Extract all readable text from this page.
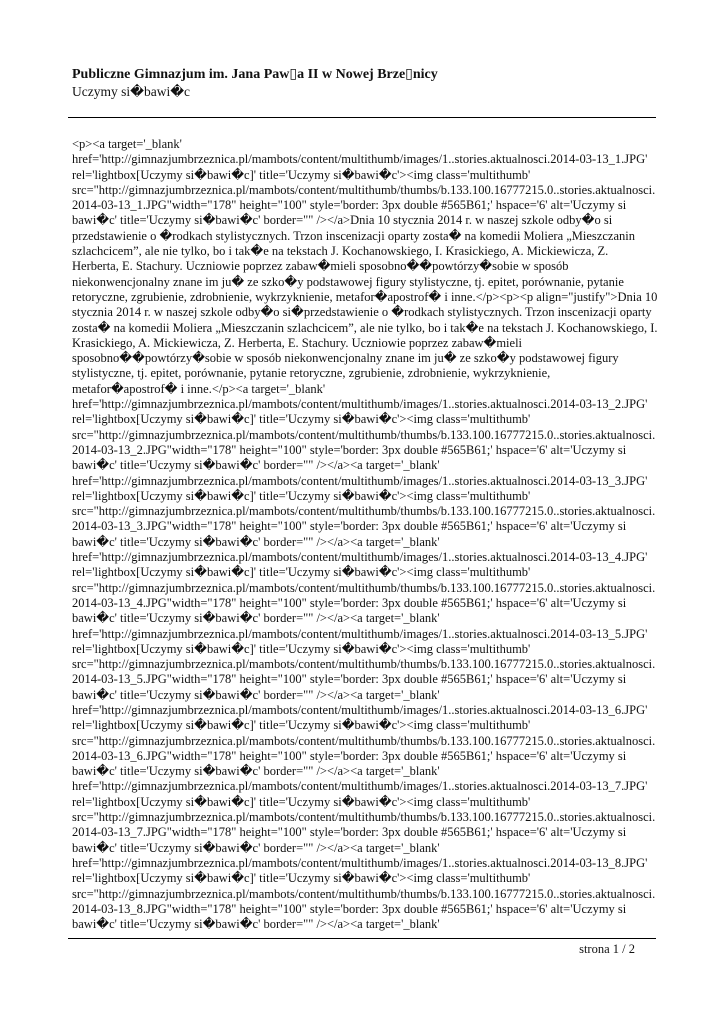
Publiczne Gimnazjum im. Jana Paw▯a II w Nowej Brze▯nicy

Uczymy si�bawi�c

<p><a target='_blank' href='http://gimnazjumbrzeznica.pl/mambots/content/multithumb/images/1..stories.aktualnosci.2014-03-13_1.JPG' rel='lightbox[Uczymy si�bawi�c]' title='Uczymy si�bawi�c'><img class='multithumb' src="http://gimnazjumbrzeznica.pl/mambots/content/multithumb/thumbs/b.133.100.16777215.0..stories.aktualnosci.2014-03-13_1.JPG"width="178" height="100" style='border: 3px double #565B61;' hspace='6' alt='Uczymy si bawi�c' title='Uczymy si�bawi�c' border="" /></a>Dnia 10 stycznia 2014 r. w naszej szkole odby�o si przedstawienie o �rodkach stylistycznych. Trzon inscenizacji oparty zosta� na komedii Moliera „Mieszczanin szlachcicem”, ale nie tylko, bo i tak�e na tekstach J. Kochanowskiego, I. Krasickiego, A. Mickiewicza, Z. Herberta, E. Stachury. Uczniowie poprzez zabaw�mieli sposobno��powtórzy�sobie w sposób niekonwencjonalny znane im ju� ze szko�y podstawowej figury stylistyczne, tj. epitet, porównanie, pytanie retoryczne, zgrubienie, zdrobnienie, wykrzyknienie, metafor�apostrof� i inne.</p><p><p align="justify">Dnia 10 stycznia 2014 r. w naszej szkole odby�o si�przedstawienie o �rodkach stylistycznych. Trzon inscenizacji oparty zosta� na komedii Moliera „Mieszczanin szlachcicem”, ale nie tylko, bo i tak�e na tekstach J. Kochanowskiego, I. Krasickiego, A. Mickiewicza, Z. Herberta, E. Stachury. Uczniowie poprzez zabaw�mieli sposobno��powtórzy�sobie w sposób niekonwencjonalny znane im ju� ze szko�y podstawowej figury stylistyczne, tj. epitet, porównanie, pytanie retoryczne, zgrubienie, zdrobnienie, wykrzyknienie, metafor�apostrof� i inne.</p><a target='_blank' href='http://gimnazjumbrzeznica.pl/mambots/content/multithumb/images/1..stories.aktualnosci.2014-03-13_2.JPG' rel='lightbox[Uczymy si�bawi�c]' title='Uczymy si�bawi�c'><img class='multithumb' src="http://gimnazjumbrzeznica.pl/mambots/content/multithumb/thumbs/b.133.100.16777215.0..stories.aktualnosci.2014-03-13_2.JPG"width="178" height="100" style='border: 3px double #565B61;' hspace='6' alt='Uczymy si bawi�c' title='Uczymy si�bawi�c' border="" /></a><a target='_blank' href='http://gimnazjumbrzeznica.pl/mambots/content/multithumb/images/1..stories.aktualnosci.2014-03-13_3.JPG' rel='lightbox[Uczymy si�bawi�c]' title='Uczymy si�bawi�c'><img class='multithumb' src="http://gimnazjumbrzeznica.pl/mambots/content/multithumb/thumbs/b.133.100.16777215.0..stories.aktualnosci.2014-03-13_3.JPG"width="178" height="100" style='border: 3px double #565B61;' hspace='6' alt='Uczymy si bawi�c' title='Uczymy si�bawi�c' border="" /></a><a target='_blank' href='http://gimnazjumbrzeznica.pl/mambots/content/multithumb/images/1..stories.aktualnosci.2014-03-13_4.JPG' rel='lightbox[Uczymy si�bawi�c]' title='Uczymy si�bawi�c'><img class='multithumb' src="http://gimnazjumbrzeznica.pl/mambots/content/multithumb/thumbs/b.133.100.16777215.0..stories.aktualnosci.2014-03-13_4.JPG"width="178" height="100" style='border: 3px double #565B61;' hspace='6' alt='Uczymy si bawi�c' title='Uczymy si�bawi�c' border="" /></a><a target='_blank' href='http://gimnazjumbrzeznica.pl/mambots/content/multithumb/images/1..stories.aktualnosci.2014-03-13_5.JPG' rel='lightbox[Uczymy si�bawi�c]' title='Uczymy si�bawi�c'><img class='multithumb' src="http://gimnazjumbrzeznica.pl/mambots/content/multithumb/thumbs/b.133.100.16777215.0..stories.aktualnosci.2014-03-13_5.JPG"width="178" height="100" style='border: 3px double #565B61;' hspace='6' alt='Uczymy si bawi�c' title='Uczymy si�bawi�c' border="" /></a><a target='_blank' href='http://gimnazjumbrzeznica.pl/mambots/content/multithumb/images/1..stories.aktualnosci.2014-03-13_6.JPG' rel='lightbox[Uczymy si�bawi�c]' title='Uczymy si�bawi�c'><img class='multithumb' src="http://gimnazjumbrzeznica.pl/mambots/content/multithumb/thumbs/b.133.100.16777215.0..stories.aktualnosci.2014-03-13_6.JPG"width="178" height="100" style='border: 3px double #565B61;' hspace='6' alt='Uczymy si bawi�c' title='Uczymy si�bawi�c' border="" /></a><a target='_blank' href='http://gimnazjumbrzeznica.pl/mambots/content/multithumb/images/1..stories.aktualnosci.2014-03-13_7.JPG' rel='lightbox[Uczymy si�bawi�c]' title='Uczymy si�bawi�c'><img class='multithumb' src="http://gimnazjumbrzeznica.pl/mambots/content/multithumb/thumbs/b.133.100.16777215.0..stories.aktualnosci.2014-03-13_7.JPG"width="178" height="100" style='border: 3px double #565B61;' hspace='6' alt='Uczymy si bawi�c' title='Uczymy si�bawi�c' border="" /></a><a target='_blank' href='http://gimnazjumbrzeznica.pl/mambots/content/multithumb/images/1..stories.aktualnosci.2014-03-13_8.JPG' rel='lightbox[Uczymy si�bawi�c]' title='Uczymy si�bawi�c'><img class='multithumb' src="http://gimnazjumbrzeznica.pl/mambots/content/multithumb/thumbs/b.133.100.16777215.0..stories.aktualnosci.2014-03-13_8.JPG"width="178" height="100" style='border: 3px double #565B61;' hspace='6' alt='Uczymy si bawi�c' title='Uczymy si�bawi�c' border="" /></a><a target='_blank'

strona 1 / 2
